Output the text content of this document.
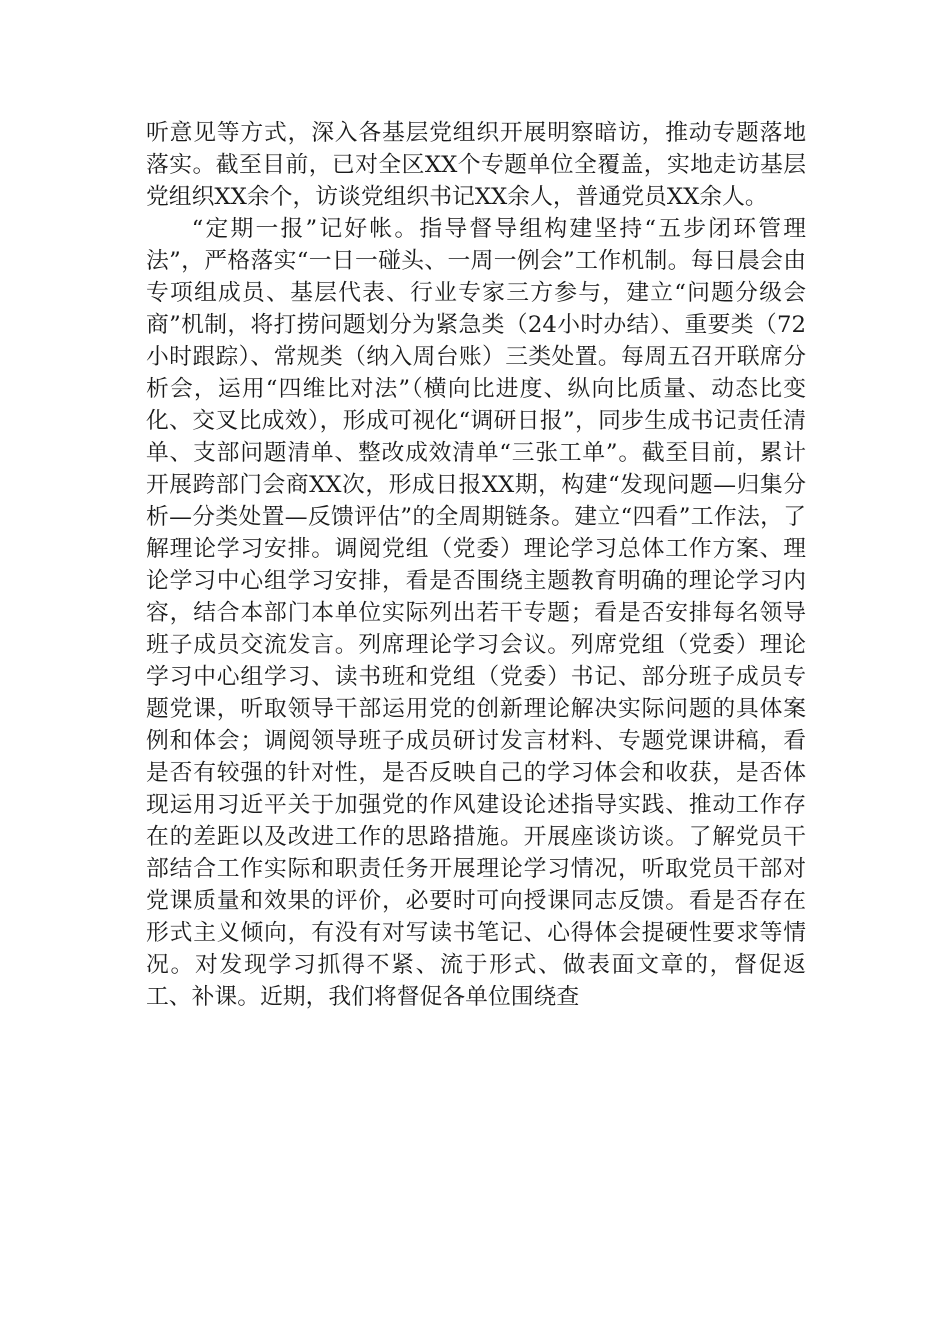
听意见等方式，深入各基层党组织开展明察暗访，推动专题落地落实。截至目前，已对全区XX个专题单位全覆盖，实地走访基层党组织XX余个，访谈党组织书记XX余人，普通党员XX余人。

“定期一报”记好帐。指导督导组构建坚持“五步闭环管理法”，严格落实“一日一碰头、一周一例会”工作机制。每日晨会由专项组成员、基层代表、行业专家三方参与，建立“问题分级会商”机制，将打捞问题划分为紧急类（24小时办结）、重要类（72小时跟踪）、常规类（纳入周台账）三类处置。每周五召开联席分析会，运用“四维比对法”（横向比进度、纵向比质量、动态比变化、交叉比成效），形成可视化“调研日报”，同步生成书记责任清单、支部问题清单、整改成效清单“三张工单”。截至目前，累计开展跨部门会商XX次，形成日报XX期，构建“发现问题—归集分析—分类处置—反馈评估”的全周期链条。建立“四看”工作法，了解理论学习安排。调阅党组（党委）理论学习总体工作方案、理论学习中心组学习安排，看是否围绕主题教育明确的理论学习内容，结合本部门本单位实际列出若干专题；看是否安排每名领导班子成员交流发言。列席理论学习会议。列席党组（党委）理论学习中心组学习、读书班和党组（党委）书记、部分班子成员专题党课，听取领导干部运用党的创新理论解决实际问题的具体案例和体会；调阅领导班子成员研讨发言材料、专题党课讲稿，看是否有较强的针对性，是否反映自己的学习体会和收获，是否体现运用习近平关于加强党的作风建设论述指导实践、推动工作存在的差距以及改进工作的思路措施。开展座谈访谈。了解党员干部结合工作实际和职责任务开展理论学习情况，听取党员干部对党课质量和效果的评价，必要时可向授课同志反馈。看是否存在形式主义倾向，有没有对写读书笔记、心得体会提硬性要求等情况。对发现学习抓得不紧、流于形式、做表面文章的，督促返工、补课。近期，我们将督促各单位围绕查
